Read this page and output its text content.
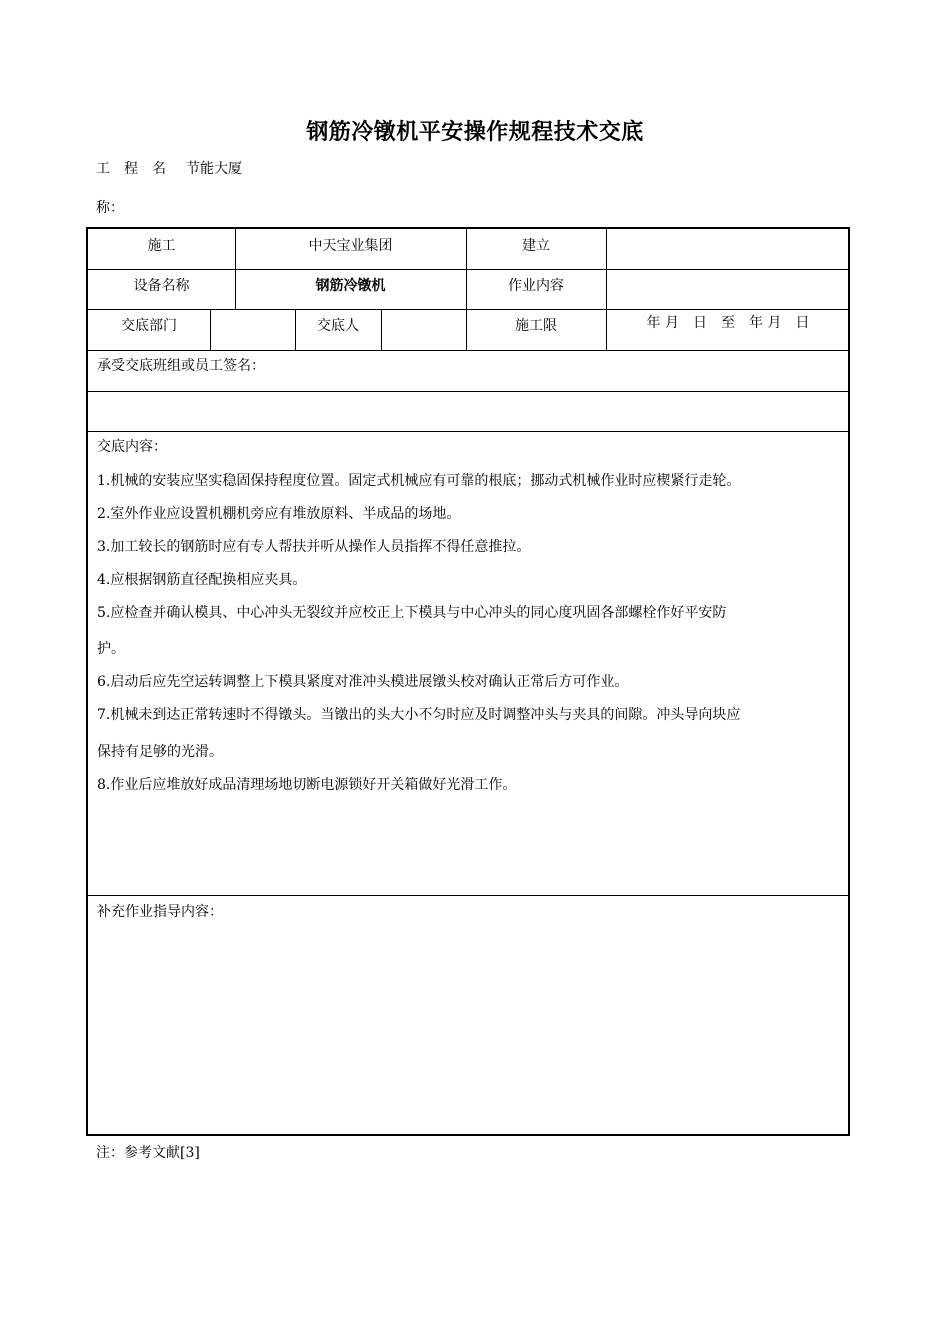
钢筋冷镦机平安操作规程技术交底
工程名 节能大厦
称：
施工	中天宝业集团	建立
设备名称	钢筋冷镦机	作业内容
交底部门	交底人	施工限	年 月　日　至　年 月　日
承受交底班组或员工签名：
交底内容：
1.机械的安装应坚实稳固保持程度位置。固定式机械应有可靠的根底；挪动式机械作业时应楔紧行走轮。
2.室外作业应设置机棚机旁应有堆放原料、半成品的场地。
3.加工较长的钢筋时应有专人帮扶并听从操作人员指挥不得任意推拉。
4.应根据钢筋直径配换相应夹具。
5.应检查并确认模具、中心冲头无裂纹并应校正上下模具与中心冲头的同心度巩固各部螺栓作好平安防
护。
6.启动后应先空运转调整上下模具紧度对准冲头模进展镦头校对确认正常后方可作业。
7.机械未到达正常转速时不得镦头。当镦出的头大小不匀时应及时调整冲头与夹具的间隙。冲头导向块应
保持有足够的光滑。
8.作业后应堆放好成品清理场地切断电源锁好开关箱做好光滑工作。
补充作业指导内容：
注：参考文献[3]
